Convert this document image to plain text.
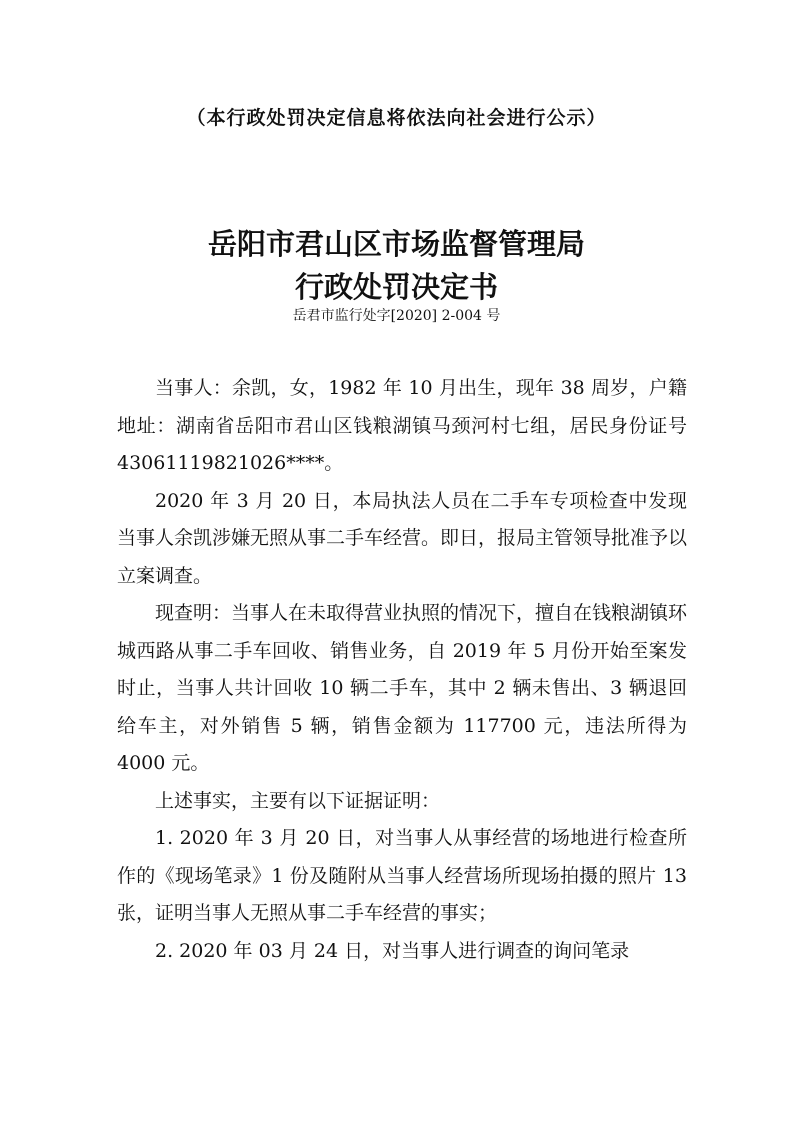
（本行政处罚决定信息将依法向社会进行公示）
岳阳市君山区市场监督管理局
行政处罚决定书
岳君市监行处字[2020] 2-004 号

当事人：余凯，女，1982 年 10 月出生，现年 38 周岁，户籍地址：湖南省岳阳市君山区钱粮湖镇马颈河村七组，居民身份证号 43061119821026****。

2020 年 3 月 20 日，本局执法人员在二手车专项检查中发现当事人余凯涉嫌无照从事二手车经营。即日，报局主管领导批准予以立案调查。

现查明：当事人在未取得营业执照的情况下，擅自在钱粮湖镇环城西路从事二手车回收、销售业务，自 2019 年 5 月份开始至案发时止，当事人共计回收 10 辆二手车，其中 2 辆未售出、3 辆退回给车主，对外销售 5 辆，销售金额为 117700 元，违法所得为 4000 元。

上述事实，主要有以下证据证明：

1. 2020 年 3 月 20 日，对当事人从事经营的场地进行检查所作的《现场笔录》1 份及随附从当事人经营场所现场拍摄的照片 13 张，证明当事人无照从事二手车经营的事实；

2. 2020 年 03 月 24 日，对当事人进行调查的询问笔录
